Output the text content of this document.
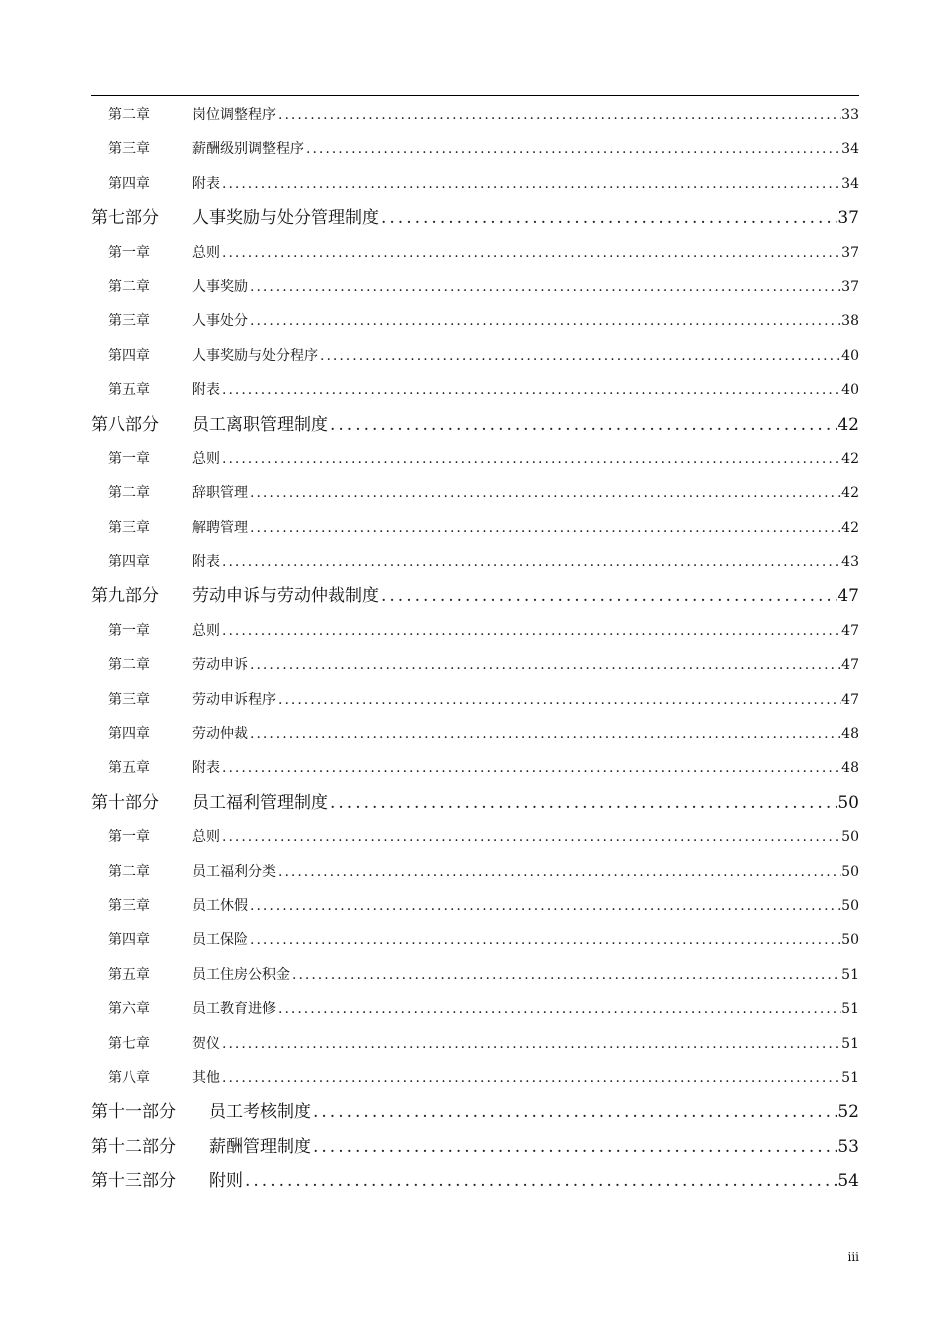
第二章	岗位调整程序 .....	33
第三章	薪酬级别调整程序 .....	34
第四章	附表 .....	34
第七部分	人事奖励与处分管理制度 .....	37
第一章	总则 .....	37
第二章	人事奖励 .....	37
第三章	人事处分 .....	38
第四章	人事奖励与处分程序 .....	40
第五章	附表 .....	40
第八部分	员工离职管理制度 .....	42
第一章	总则 .....	42
第二章	辞职管理 .....	42
第三章	解聘管理 .....	42
第四章	附表 .....	43
第九部分	劳动申诉与劳动仲裁制度 .....	47
第一章	总则 .....	47
第二章	劳动申诉 .....	47
第三章	劳动申诉程序 .....	47
第四章	劳动仲裁 .....	48
第五章	附表 .....	48
第十部分	员工福利管理制度 .....	50
第一章	总则 .....	50
第二章	员工福利分类 .....	50
第三章	员工休假 .....	50
第四章	员工保险 .....	50
第五章	员工住房公积金 .....	51
第六章	员工教育进修 .....	51
第七章	贺仪 .....	51
第八章	其他 .....	51
第十一部分	员工考核制度 .....	52
第十二部分	薪酬管理制度 .....	53
第十三部分	附则 .....	54
iii
